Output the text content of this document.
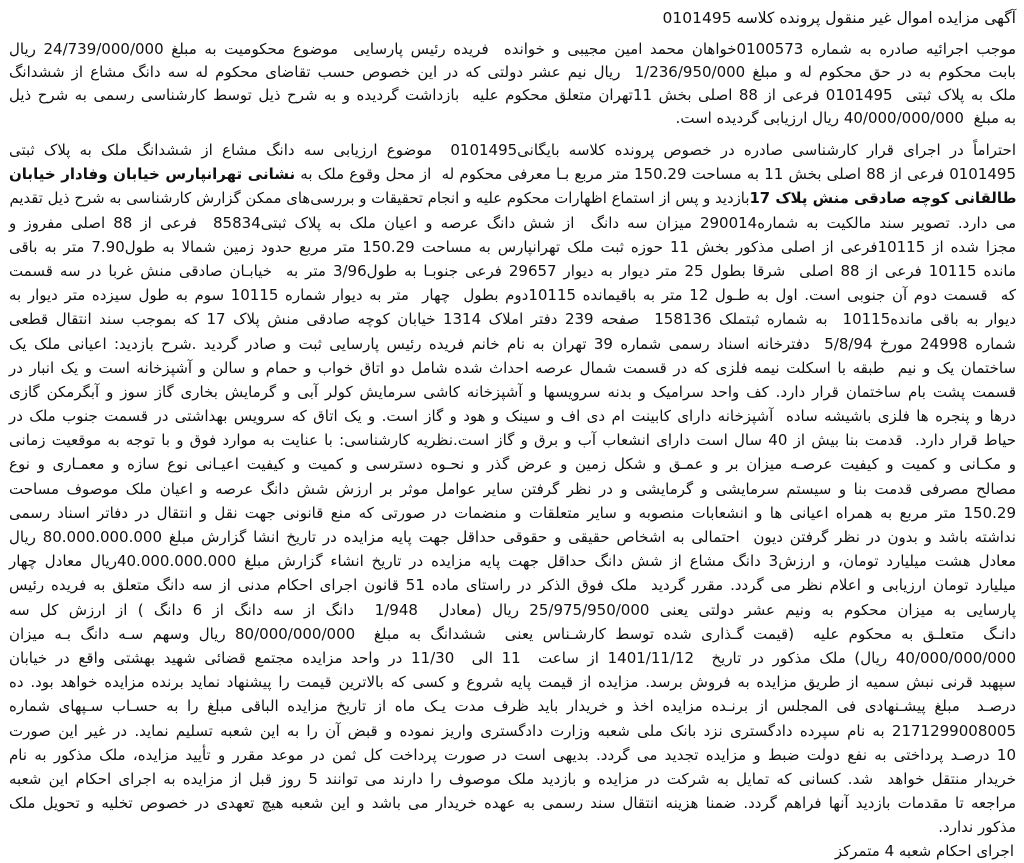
آگهی مزایده اموال غیر منقول پرونده کلاسه 0101495
موجب اجرائیه صادره به شماره 0100573خواهان محمد امین مجیبی و خوانده  فریده رئیس پارسایی  موضوع محکومیت به مبلغ 24/739/000/000 ریال
بابت محکوم به در حق محکوم له و مبلغ 1/236/950/000  ریال نیم عشر دولتی که در این خصوص حسب تقاضای محکوم له سه دانگ مشاع از ششدانگ
ملک به پلاک ثبتی  0101495 فرعی از 88 اصلی بخش 11تهران متعلق محکوم علیه  بازداشت گردیده و به شرح ذیل توسط کارشناسی رسمی به شرح ذیل
به مبلغ  40/000/000/000 ریال ارزیابی گردیده است.
احتراماً در اجرای قرار کارشناسی صادره در خصوص پرونده کلاسه بایگانی0101495  موضوع ارزیابی سه دانگ مشاع از ششدانگ ملک به پلاک ثبتی
0101495 فرعی از 88 اصلی بخش 11 به مساحت 150.29 متر مربع بـا معرفی محکوم له  از محل وقوع ملک به نشانی تهرانپارس خیابان وفادار خیابان
طالقانی کوچه صادقی منش پلاک 17بازدید و پس از استماع اظهارات محکوم علیه و انجام تحقیقات و بررسی‌های ممکن گزارش کارشناسی به شرح ذیل تقدیم
می دارد. تصویر سند مالکیت به شماره290014 میزان سه دانگ  از شش دانگ عرصه و اعیان ملک به پلاک ثبتی85834  فرعی از 88 اصلی مفروز و
مجزا شده از 10115فرعی از اصلی مذکور بخش 11 حوزه ثبت ملک تهرانپارس به مساحت 150.29 متر مربع حدود زمین شمالا به طول7.90 متر به باقی
مانده 10115 فرعی از 88 اصلی  شرقا بطول 25 متر دیوار به دیوار 29657 فرعی جنوبـا به طول3/96 متر به  خیابـان صادقی منش غربا در سه قسمت
که  قسمت دوم آن جنوبی است. اول به طـول 12 متر به باقیمانده 10115دوم بطول  چهار  متر به دیوار شماره 10115 سوم به طول سیزده متر دیوار به
دیوار به باقی مانده10115  به شماره ثبتملک 158136  صفحه 239 دفتر املاک 1314 خیابان کوچه صادقی منش پلاک 17 که بموجب سند انتقال قطعی
شماره 24998 مورخ 5/8/94  دفترخانه اسناد رسمی شماره 39 تهران به نام خانم فریده رئیس پارسایی ثبت و صادر گردید .شرح بازدید: اعیانی ملک یک
ساختمان یک و نیم  طبقه با اسکلت نیمه فلزی که در قسمت شمال عرصه احداث شده شامل دو اتاق خواب و حمام و سالن و آشپزخانه است و یک انبار در
قسمت پشت بام ساختمان قرار دارد. کف واحد سرامیک و بدنه سرویسها و آشپزخانه کاشی سرمایش کولر آبی و گرمایش بخاری گاز سوز و آبگرمکن گازی
درها و پنجره ها فلزی باشیشه ساده  آشپزخانه دارای کابینت ام دی اف و سینک و هود و گاز است. و یک اتاق که سرویس بهداشتی در قسمت جنوب ملک در
حیاط قرار دارد.  قدمت بنا بیش از 40 سال است دارای انشعاب آب و برق و گاز است.نظریه کارشناسی: با عنایت به موارد فوق و با توجه به موقعیت زمانی
و مکـانی و کمیت و کیفیت عرصـه میزان بر و عمـق و شکل زمین و عرض گذر و نحـوه دسترسی و کمیت و کیفیت اعیـانی نوع سازه و معمـاری و نوع
مصالح مصرفی قدمت بنا و سیستم سرمایشی و گرمایشی و در نظر گرفتن سایر عوامل موثر بر ارزش شش دانگ عرصه و اعیان ملک موصوف مساحت
150.29 متر مربع به همراه اعیانی ها و انشعابات منصوبه و سایر متعلقات و منضمات در صورتی که منع قانونی جهت نقل و انتقال در دفاتر اسناد رسمی
نداشته باشد و بدون در نظر گرفتن دیون  احتمالی به اشخاص حقیقی و حقوقی حداقل جهت پایه مزایده در تاریخ انشا گزارش مبلغ 80.000.000.000 ریال
معادل هشت میلیارد تومان، و ارزش3 دانگ مشاع از شش دانگ حداقل جهت پایه مزایده در تاریخ انشاء گزارش مبلغ 40.000.000.000ریال معادل چهار
میلیارد تومان ارزیابی و اعلام نظر می گردد. مقرر گردید  ملک فوق الذکر در راستای ماده 51 قانون اجرای احکام مدنی از سه دانگ متعلق به فریده رئیس
پارسایی به میزان محکوم به ونیم عشر دولتی یعنی 25/975/950/000 ریال (معادل  1/948  دانگ از سه دانگ از 6 دانگ ) از ارزش کل سه
دانـگ  متعلـق به محکوم علیه  (قیمت گـذاری شده توسط کارشـناس یعنی  ششدانگ به مبلغ  80/000/000/000 ریال وسهم سـه دانگ بـه میزان
40/000/000/000 ریال) ملک مذکور در تاریخ  1401/11/12 از ساعت  11 الی  11/30 در واحد مزایده مجتمع قضائی شهید بهشتی واقع در خیابان
سپهبد قرنی نبش سمیه از طریق مزایده به فروش برسد. مزایده از قیمت پایه شروع و کسی که بالاترین قیمت را پیشنهاد نماید برنده مزایده خواهد بود. ده
درصـد  مبلغ پیشـنهادی فی المجلس از برنـده مزایده اخذ و خریدار باید ظرف مدت یـک ماه از تاریخ مزایده الباقی مبلغ را به حسـاب سـپهای شماره
2171299008005 به نام سپرده دادگستری نزد بانک ملی شعبه وزارت دادگستری واریز نموده و قبض آن را به این شعبه تسلیم نماید. در غیر این صورت
10 درصـد پرداختی به نفع دولت ضبط و مزایده تجدید می گردد. بدیهی است در صورت پرداخت کل ثمن در موعد مقرر و تأیید مزایده، ملک مذکور به نام
خریدار منتقل خواهد  شد. کسانی که تمایل به شرکت در مزایده و بازدید ملک موصوف را دارند می توانند 5 روز قبل از مزایده به اجرای احکام این شعبه
مراجعه تا مقدمات بازدید آنها فراهم گردد. ضمنا هزینه انتقال سند رسمی به عهده خریدار می باشد و این شعبه هیچ تعهدی در خصوص تخلیه و تحویل ملک
مذکور ندارد.
اجرای احکام شعبه 4 متمرکز
